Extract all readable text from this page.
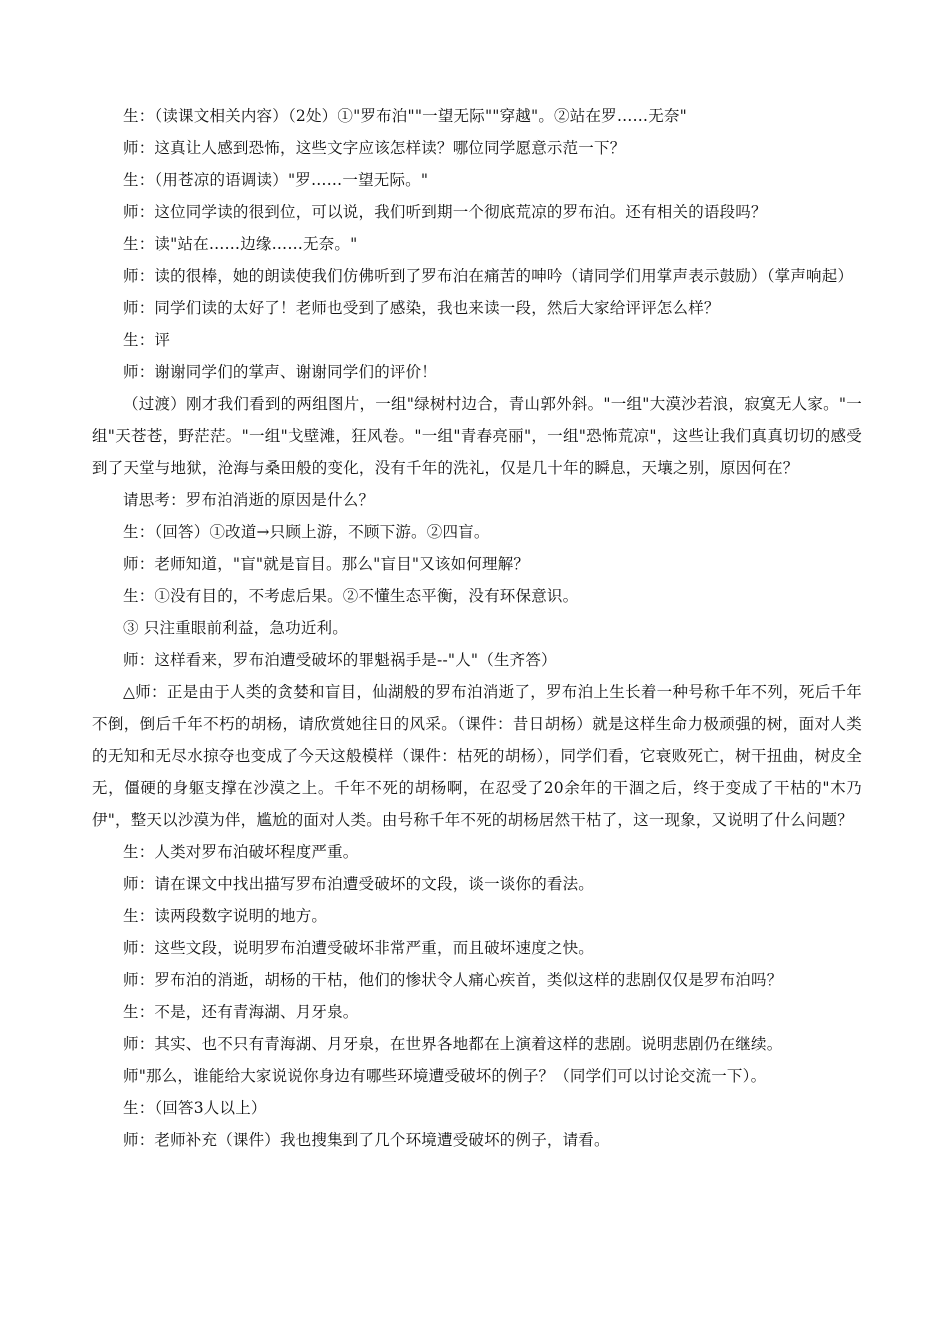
生：（读课文相关内容）（2处）①"罗布泊""一望无际""穿越"。②站在罗……无奈"

师：这真让人感到恐怖，这些文字应该怎样读？哪位同学愿意示范一下？

生：（用苍凉的语调读）"罗……一望无际。"

师：这位同学读的很到位，可以说，我们听到期一个彻底荒凉的罗布泊。还有相关的语段吗？

生：读"站在……边缘……无奈。"

师：读的很棒，她的朗读使我们仿佛听到了罗布泊在痛苦的呻吟（请同学们用掌声表示鼓励）（掌声响起）

师：同学们读的太好了！老师也受到了感染，我也来读一段，然后大家给评评怎么样？

生：评

师：谢谢同学们的掌声、谢谢同学们的评价！

（过渡）刚才我们看到的两组图片，一组"绿树村边合，青山郭外斜。"一组"大漠沙若浪，寂寞无人家。"一组"天苍苍，野茫茫。"一组"戈壁滩，狂风卷。"一组"青春亮丽"，一组"恐怖荒凉"，这些让我们真真切切的感受到了天堂与地狱，沧海与桑田般的变化，没有千年的洗礼，仅是几十年的瞬息，天壤之别，原因何在？

请思考：罗布泊消逝的原因是什么？

生：（回答）①改道→只顾上游，不顾下游。②四盲。

师：老师知道，"盲"就是盲目。那么"盲目"又该如何理解？

生：①没有目的，不考虑后果。②不懂生态平衡，没有环保意识。

③ 只注重眼前利益，急功近利。

师：这样看来，罗布泊遭受破坏的罪魁祸手是--"人"（生齐答）

△师：正是由于人类的贪婪和盲目，仙湖般的罗布泊消逝了，罗布泊上生长着一种号称千年不列，死后千年不倒，倒后千年不朽的胡杨，请欣赏她往日的风采。（课件：昔日胡杨）就是这样生命力极顽强的树，面对人类的无知和无尽水掠夺也变成了今天这般模样（课件：枯死的胡杨），同学们看，它衰败死亡，树干扭曲，树皮全无，僵硬的身躯支撑在沙漠之上。千年不死的胡杨啊，在忍受了20余年的干涸之后，终于变成了干枯的"木乃伊"，整天以沙漠为伴，尴尬的面对人类。由号称千年不死的胡杨居然干枯了，这一现象，又说明了什么问题？

生：人类对罗布泊破坏程度严重。

师：请在课文中找出描写罗布泊遭受破坏的文段，谈一谈你的看法。

生：读两段数字说明的地方。

师：这些文段，说明罗布泊遭受破坏非常严重，而且破坏速度之快。

师：罗布泊的消逝，胡杨的干枯，他们的惨状令人痛心疾首，类似这样的悲剧仅仅是罗布泊吗？

生：不是，还有青海湖、月牙泉。

师：其实、也不只有青海湖、月牙泉，在世界各地都在上演着这样的悲剧。说明悲剧仍在继续。

师"那么，谁能给大家说说你身边有哪些环境遭受破坏的例子？（同学们可以讨论交流一下）。

生：（回答3人以上）

师：老师补充（课件）我也搜集到了几个环境遭受破坏的例子，请看。
